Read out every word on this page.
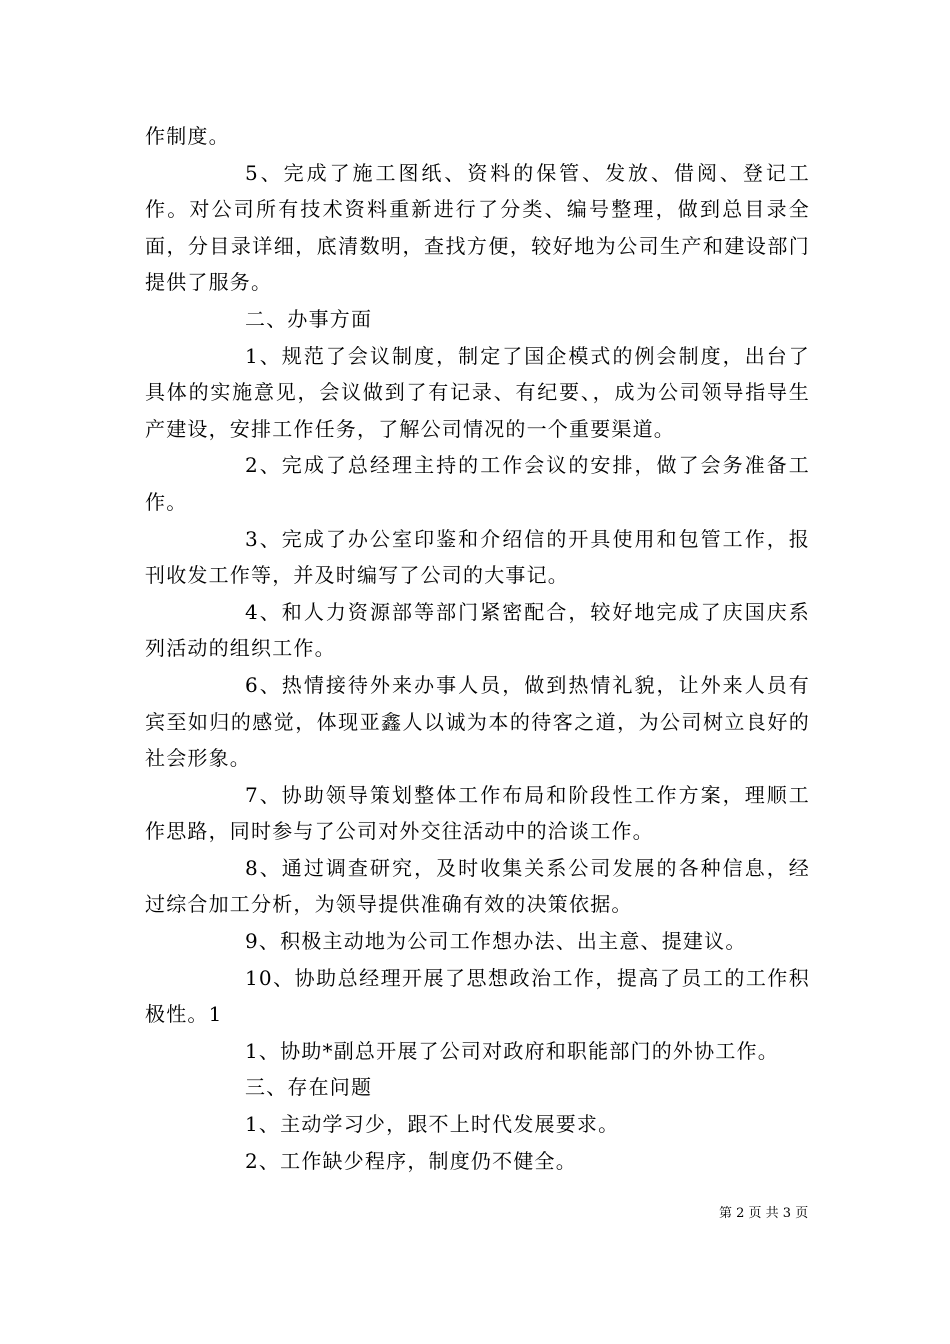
作制度。

5、完成了施工图纸、资料的保管、发放、借阅、登记工作。对公司所有技术资料重新进行了分类、编号整理，做到总目录全面，分目录详细，底清数明，查找方便，较好地为公司生产和建设部门提供了服务。

二、办事方面

1、规范了会议制度，制定了国企模式的例会制度，出台了具体的实施意见，会议做到了有记录、有纪要、，成为公司领导指导生产建设，安排工作任务，了解公司情况的一个重要渠道。

2、完成了总经理主持的工作会议的安排，做了会务准备工作。

3、完成了办公室印鉴和介绍信的开具使用和包管工作，报刊收发工作等，并及时编写了公司的大事记。

4、和人力资源部等部门紧密配合，较好地完成了庆国庆系列活动的组织工作。

6、热情接待外来办事人员，做到热情礼貌，让外来人员有宾至如归的感觉，体现亚鑫人以诚为本的待客之道，为公司树立良好的社会形象。

7、协助领导策划整体工作布局和阶段性工作方案，理顺工作思路，同时参与了公司对外交往活动中的洽谈工作。

8、通过调查研究，及时收集关系公司发展的各种信息，经过综合加工分析，为领导提供准确有效的决策依据。

9、积极主动地为公司工作想办法、出主意、提建议。

10、协助总经理开展了思想政治工作，提高了员工的工作积极性。1

1、协助*副总开展了公司对政府和职能部门的外协工作。

三、存在问题

1、主动学习少，跟不上时代发展要求。

2、工作缺少程序，制度仍不健全。

第 2 页 共 3 页
